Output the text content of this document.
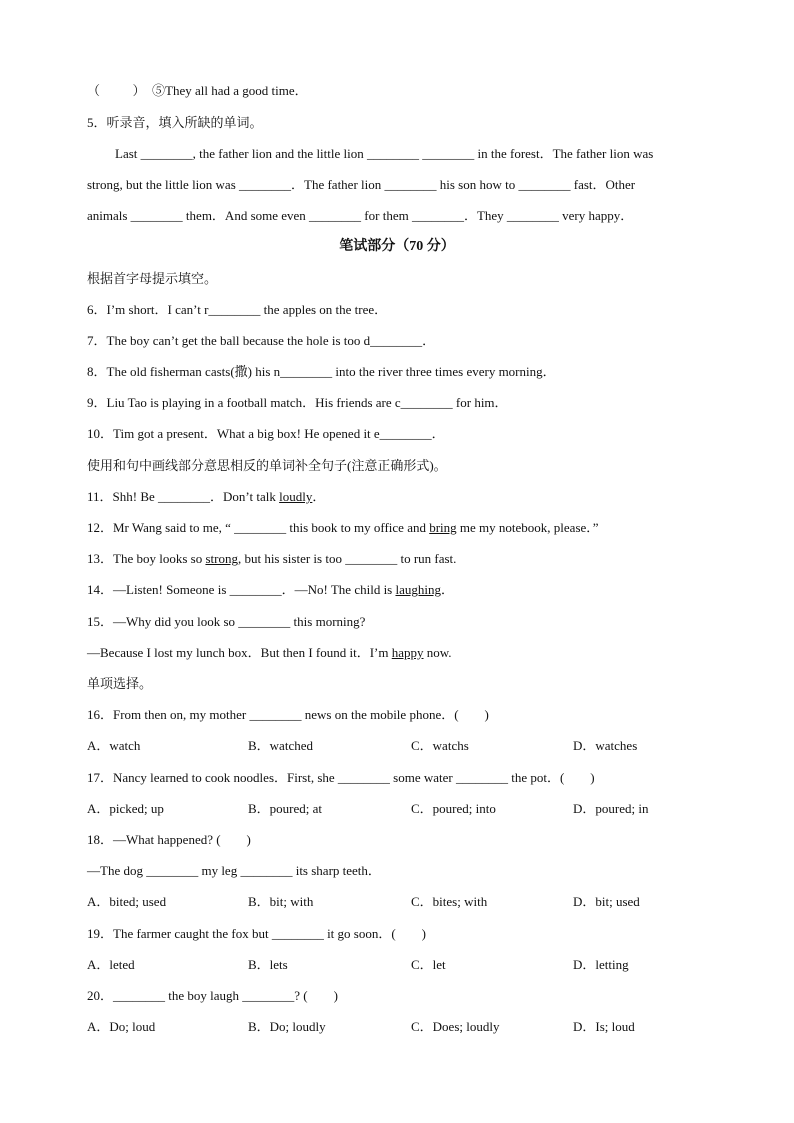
（ 　　 ）  ⑤They all had a good time．
5．听录音，填入所缺的单词。
Last ________, the father lion and the little lion ________ ________ in the forest．The father lion was
strong, but the little lion was ________．The father lion ________ his son how to ________ fast．Other
animals ________ them．And some even ________ for them ________．They ________ very happy．
笔试部分（70 分）
根据首字母提示填空。
6．I’m short．I can’t r________ the apples on the tree．
7．The boy can’t get the ball because the hole is too d________．
8．The old fisherman casts(撒) his n________ into the river three times every morning．
9．Liu Tao is playing in a football match．His friends are c________ for him．
10．Tim got a present．What a big box! He opened it e________．
使用和句中画线部分意思相反的单词补全句子(注意正确形式)。
11．Shh! Be ________．Don’t talk loudly．
12．Mr Wang said to me, “ ________ this book to my office and bring me my notebook, please．”
13．The boy looks so strong, but his sister is too ________ to run fast.
14．—Listen! Someone is ________．—No! The child is laughing．
15．—Why did you look so ________ this morning?
—Because I lost my lunch box．But then I found it．I’m happy now.
单项选择。
16．From then on, my mother ________ news on the mobile phone．(　　)
A．watch	B．watched	C．watchs	D．watches
17．Nancy learned to cook noodles．First, she ________ some water ________ the pot．(　　)
A．picked; up	B．poured; at	C．poured; into	D．poured; in
18．—What happened? (　　)
—The dog ________ my leg ________ its sharp teeth．
A．bited; used	B．bit; with	C．bites; with	D．bit; used
19．The farmer caught the fox but ________ it go soon．(　　)
A．leted	B．lets	C．let	D．letting
20．________ the boy laugh ________? (　　)
A．Do; loud	B．Do; loudly	C．Does; loudly	D．Is; loud
